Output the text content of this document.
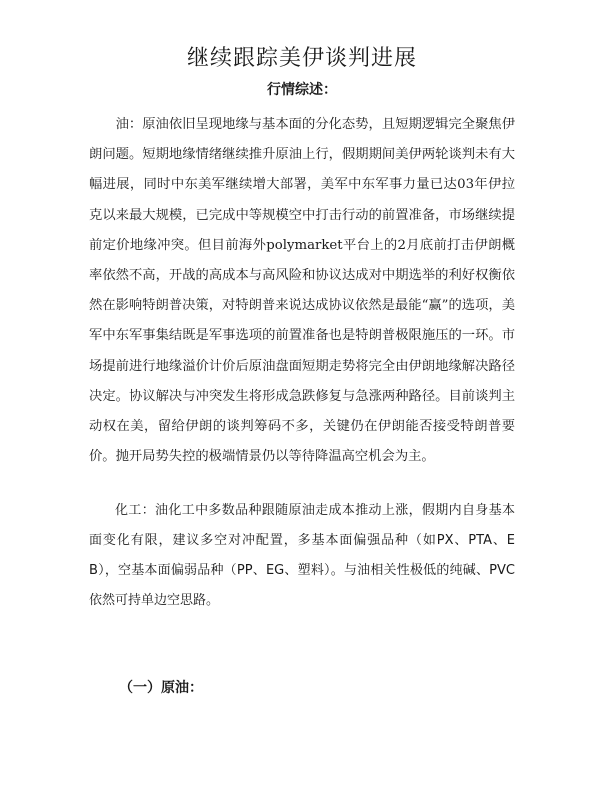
继续跟踪美伊谈判进展
行情综述：

油：原油依旧呈现地缘与基本面的分化态势，且短期逻辑完全聚焦伊朗问题。短期地缘情绪继续推升原油上行，假期期间美伊两轮谈判未有大幅进展，同时中东美军继续增大部署，美军中东军事力量已达03年伊拉克以来最大规模，已完成中等规模空中打击行动的前置准备，市场继续提前定价地缘冲突。但目前海外polymarket平台上的2月底前打击伊朗概率依然不高，开战的高成本与高风险和协议达成对中期选举的利好权衡依然在影响特朗普决策，对特朗普来说达成协议依然是最能“赢”的选项，美军中东军事集结既是军事选项的前置准备也是特朗普极限施压的一环。市场提前进行地缘溢价计价后原油盘面短期走势将完全由伊朗地缘解决路径决定。协议解决与冲突发生将形成急跌修复与急涨两种路径。目前谈判主动权在美，留给伊朗的谈判筹码不多，关键仍在伊朗能否接受特朗普要价。抛开局势失控的极端情景仍以等待降温高空机会为主。

化工：油化工中多数品种跟随原油走成本推动上涨，假期内自身基本面变化有限，建议多空对冲配置，多基本面偏强品种（如PX、PTA、EB），空基本面偏弱品种（PP、EG、塑料）。与油相关性极低的纯碱、PVC依然可持单边空思路。

（一）原油：
